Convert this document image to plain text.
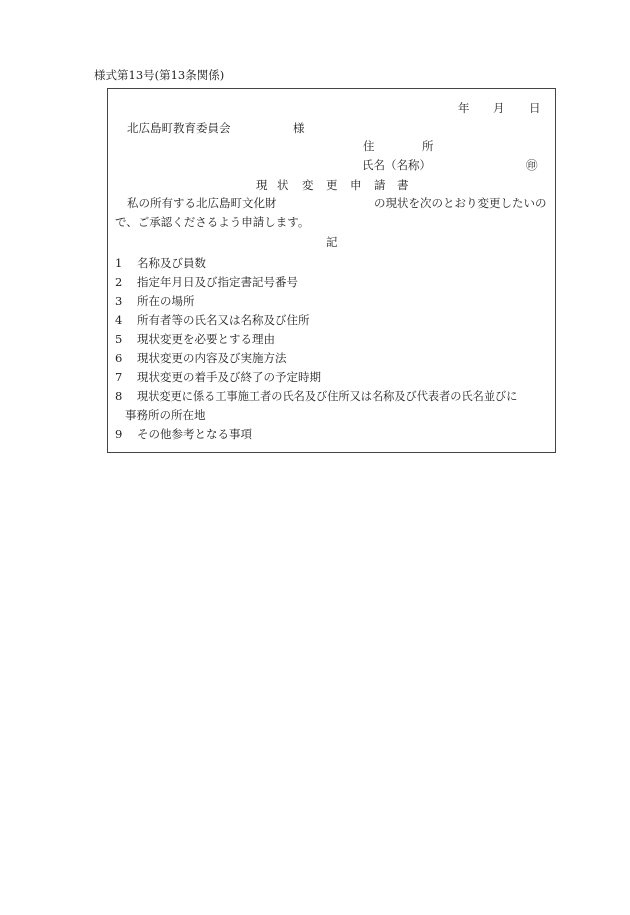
様式第13号(第13条関係)
年 月 日
北広島町教育委員会	様
住	所
氏名（名称）	㊞
現 状 変 更 申 請 書
私の所有する北広島町文化財	の現状を次のとおり変更したいの
で、ご承認くださるよう申請します。
記
1 名称及び員数
2 指定年月日及び指定書記号番号
3 所在の場所
4 所有者等の氏名又は名称及び住所
5 現状変更を必要とする理由
6 現状変更の内容及び実施方法
7 現状変更の着手及び終了の予定時期
8 現状変更に係る工事施工者の氏名及び住所又は名称及び代表者の氏名並びに
事務所の所在地
9 その他参考となる事項
